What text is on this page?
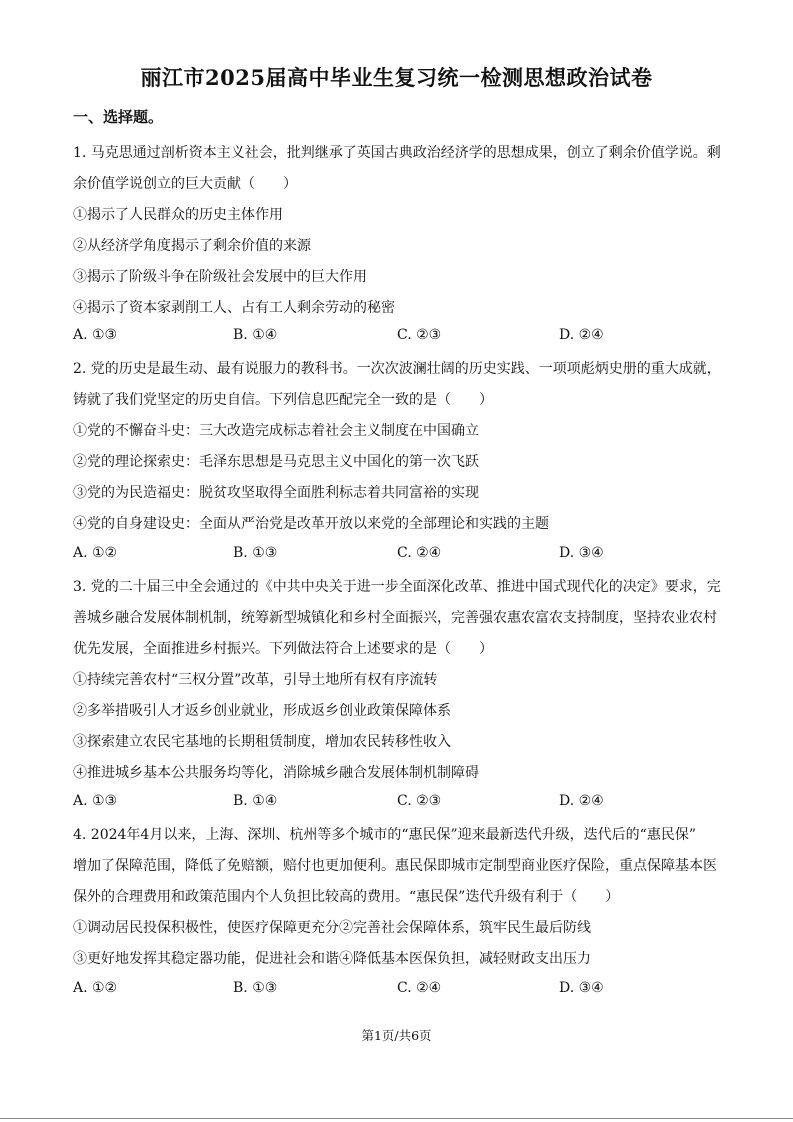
丽江市2025届高中毕业生复习统一检测思想政治试卷
一、选择题。
1. 马克思通过剖析资本主义社会，批判继承了英国古典政治经济学的思想成果，创立了剩余价值学说。剩
余价值学说创立的巨大贡献（　　）
①揭示了人民群众的历史主体作用
②从经济学角度揭示了剩余价值的来源
③揭示了阶级斗争在阶级社会发展中的巨大作用
④揭示了资本家剥削工人、占有工人剩余劳动的秘密
A. ①③	B. ①④	C. ②③	D. ②④
2. 党的历史是最生动、最有说服力的教科书。一次次波澜壮阔的历史实践、一项项彪炳史册的重大成就，
铸就了我们党坚定的历史自信。下列信息匹配完全一致的是（　　）
①党的不懈奋斗史：三大改造完成标志着社会主义制度在中国确立
②党的理论探索史：毛泽东思想是马克思主义中国化的第一次飞跃
③党的为民造福史：脱贫攻坚取得全面胜利标志着共同富裕的实现
④党的自身建设史：全面从严治党是改革开放以来党的全部理论和实践的主题
A. ①②	B. ①③	C. ②④	D. ③④
3. 党的二十届三中全会通过的《中共中央关于进一步全面深化改革、推进中国式现代化的决定》要求，完
善城乡融合发展体制机制，统筹新型城镇化和乡村全面振兴，完善强农惠农富农支持制度，坚持农业农村
优先发展，全面推进乡村振兴。下列做法符合上述要求的是（　　）
①持续完善农村“三权分置”改革，引导土地所有权有序流转
②多举措吸引人才返乡创业就业，形成返乡创业政策保障体系
③探索建立农民宅基地的长期租赁制度，增加农民转移性收入
④推进城乡基本公共服务均等化，消除城乡融合发展体制机制障碍
A. ①③	B. ①④	C. ②③	D. ②④
4. 2024年4月以来，上海、深圳、杭州等多个城市的“惠民保”迎来最新迭代升级，迭代后的“惠民保”
增加了保障范围，降低了免赔额，赔付也更加便利。惠民保即城市定制型商业医疗保险，重点保障基本医
保外的合理费用和政策范围内个人负担比较高的费用。“惠民保”迭代升级有利于（　　）
①调动居民投保积极性，使医疗保障更充分②完善社会保障体系，筑牢民生最后防线
③更好地发挥其稳定器功能，促进社会和谐④降低基本医保负担，减轻财政支出压力
A. ①②	B. ①③	C. ②④	D. ③④
第1页/共6页
